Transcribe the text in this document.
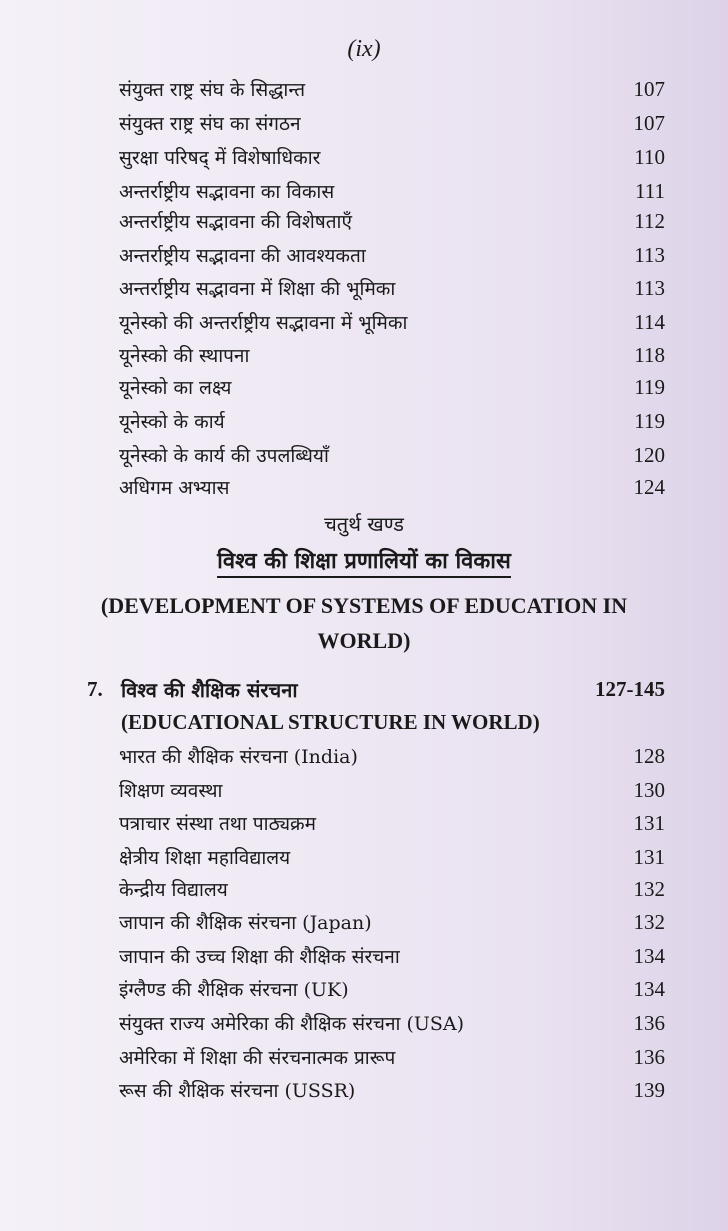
(ix)
संयुक्त राष्ट्र संघ के सिद्धान्त	107
संयुक्त राष्ट्र संघ का संगठन	107
सुरक्षा परिषद् में विशेषाधिकार	110
अन्तर्राष्ट्रीय सद्भावना का विकास	111
अन्तर्राष्ट्रीय सद्भावना की विशेषताएँ	112
अन्तर्राष्ट्रीय सद्भावना की आवश्यकता	113
अन्तर्राष्ट्रीय सद्भावना में शिक्षा की भूमिका	113
यूनेस्को की अन्तर्राष्ट्रीय सद्भावना में भूमिका	114
यूनेस्को की स्थापना	118
यूनेस्को का लक्ष्य	119
यूनेस्को के कार्य	119
यूनेस्को के कार्य की उपलब्धियाँ	120
अधिगम अभ्यास	124
चतुर्थ खण्ड
विश्व की शिक्षा प्रणालियों का विकास
(DEVELOPMENT OF SYSTEMS OF EDUCATION IN
WORLD)
7. विश्व की शैक्षिक संरचना	127-145
(EDUCATIONAL STRUCTURE IN WORLD)
भारत की शैक्षिक संरचना (India)	128
शिक्षण व्यवस्था	130
पत्राचार संस्था तथा पाठ्यक्रम	131
क्षेत्रीय शिक्षा महाविद्यालय	131
केन्द्रीय विद्यालय	132
जापान की शैक्षिक संरचना (Japan)	132
जापान की उच्च शिक्षा की शैक्षिक संरचना	134
इंग्लैण्ड की शैक्षिक संरचना (UK)	134
संयुक्त राज्य अमेरिका की शैक्षिक संरचना (USA)	136
अमेरिका में शिक्षा की संरचनात्मक प्रारूप	136
रूस की शैक्षिक संरचना (USSR)	139
